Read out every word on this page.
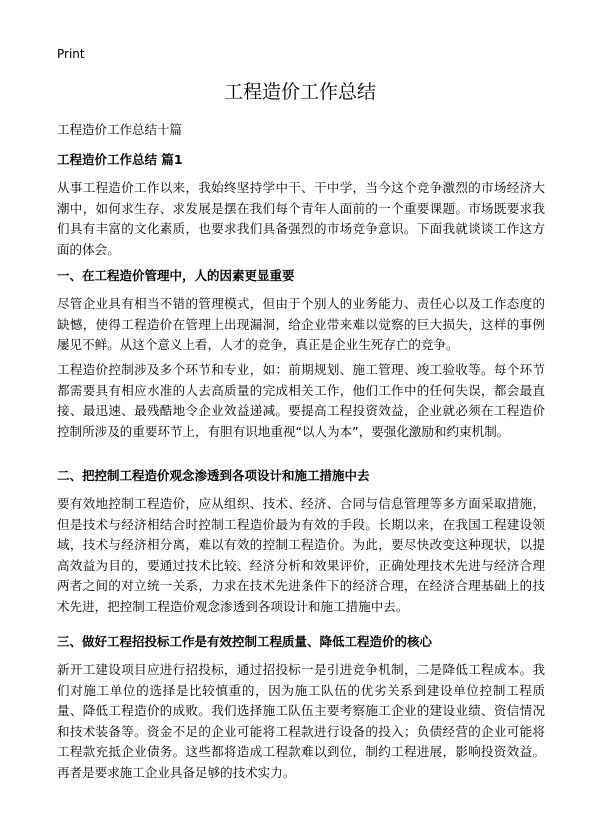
Print
工程造价工作总结

工程造价工作总结十篇

工程造价工作总结 篇1

从事工程造价工作以来，我始终坚持学中干、干中学，当今这个竞争激烈的市场经济大潮中，如何求生存、求发展是摆在我们每个青年人面前的一个重要课题。市场既要求我们具有丰富的文化素质，也要求我们具备强烈的市场竞争意识。下面我就谈谈工作这方面的体会。

一、在工程造价管理中，人的因素更显重要

尽管企业具有相当不错的管理模式，但由于个别人的业务能力、责任心以及工作态度的缺憾，使得工程造价在管理上出现漏洞，给企业带来难以觉察的巨大损失，这样的事例屡见不鲜。从这个意义上看，人才的竞争，真正是企业生死存亡的竞争。

工程造价控制涉及多个环节和专业，如：前期规划、施工管理、竣工验收等。每个环节都需要具有相应水准的人去高质量的完成相关工作，他们工作中的任何失误，都会最直接、最迅速、最残酷地令企业效益递减。要提高工程投资效益，企业就必须在工程造价控制所涉及的重要环节上，有胆有识地重视“以人为本”，要强化激励和约束机制。

二、把控制工程造价观念渗透到各项设计和施工措施中去

要有效地控制工程造价，应从组织、技术、经济、合同与信息管理等多方面采取措施，但是技术与经济相结合时控制工程造价最为有效的手段。长期以来，在我国工程建设领域，技术与经济相分离，难以有效的控制工程造价。为此，要尽快改变这种现状，以提高效益为目的，要通过技术比较、经济分析和效果评价，正确处理技术先进与经济合理两者之间的对立统一关系，力求在技术先进条件下的经济合理，在经济合理基础上的技术先进，把控制工程造价观念渗透到各项设计和施工措施中去。

三、做好工程招投标工作是有效控制工程质量、降低工程造价的核心

新开工建设项目应进行招投标，通过招投标一是引进竞争机制，二是降低工程成本。我们对施工单位的选择是比较慎重的，因为施工队伍的优劣关系到建设单位控制工程质量、降低工程造价的成败。我们选择施工队伍主要考察施工企业的建设业绩、资信情况和技术装备等。资金不足的企业可能将工程款进行设备的投入；负债经营的企业可能将工程款充抵企业债务。这些都将造成工程款难以到位，制约工程进展，影响投资效益。再者是要求施工企业具备足够的技术实力。
